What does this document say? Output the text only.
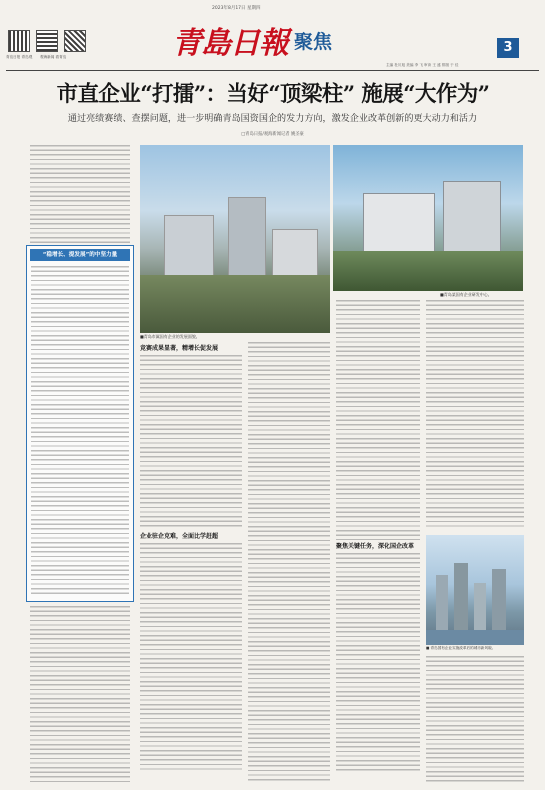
2023年8月17日 星期四
3
青岛日报 青岛观 观海新闻 看青岛	青島日報 聚焦
主编 杜川旭 美编 李 飞 审读 王 盛 排版 于 佳
市直企业“打擂”：当好“顶梁柱” 施展“大作为”
通过亮绩赛绩、查摆问题，进一步明确青岛国资国企的发力方向，激发企业改革创新的更大动力和活力
□青岛日报/观海新闻记者 姚圣豪
“稳增长、提发展”的中坚力量
■青岛市属国有企业的发展面貌。
■青岛某国有企业研发中心。
竞赛成果显著，精增长促发展
企业驻企克难，全面比学赶超
聚焦关键任务，深化国企改革
■ 青岛国有企业实施改革后的城市新风貌。
